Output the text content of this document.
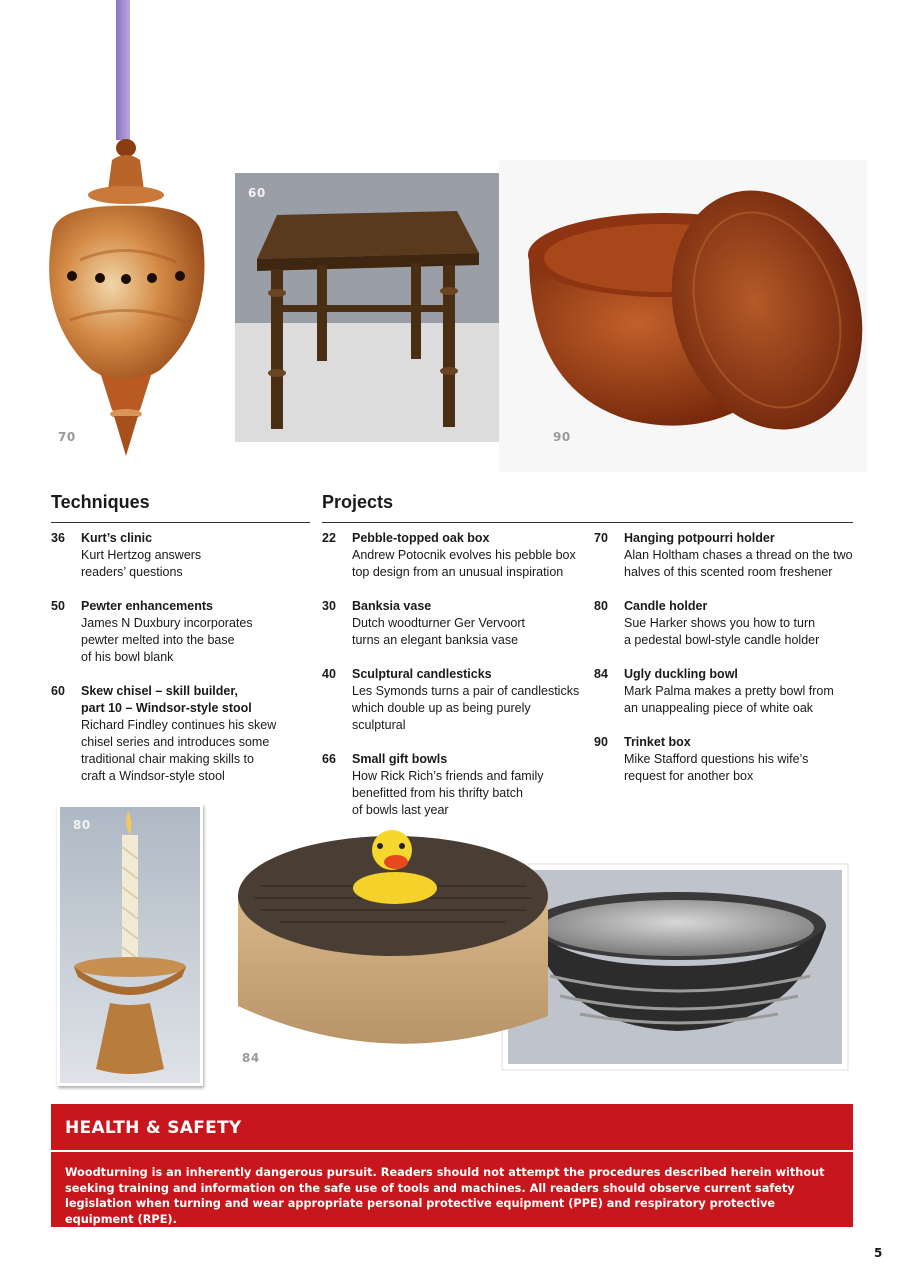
70
60
90
Techniques	Projects
36	Kurt’s clinic
Kurt Hertzog answers
readers’ questions
50	Pewter enhancements
James N Duxbury incorporates
pewter melted into the base
of his bowl blank
60	Skew chisel – skill builder,
part 10 – Windsor-style stool
Richard Findley continues his skew
chisel series and introduces some
traditional chair making skills to
craft a Windsor-style stool
22	Pebble-topped oak box
Andrew Potocnik evolves his pebble box
top design from an unusual inspiration
30	Banksia vase
Dutch woodturner Ger Vervoort
turns an elegant banksia vase
40	Sculptural candlesticks
Les Symonds turns a pair of candlesticks
which double up as being purely sculptural
66	Small gift bowls
How Rick Rich’s friends and family
benefitted from his thrifty batch
of bowls last year
70	Hanging potpourri holder
Alan Holtham chases a thread on the two
halves of this scented room freshener
80	Candle holder
Sue Harker shows you how to turn
a pedestal bowl-style candle holder
84	Ugly duckling bowl
Mark Palma makes a pretty bowl from
an unappealing piece of white oak
90	Trinket box
Mike Stafford questions his wife’s
request for another box
80
84
HEALTH & SAFETY
Woodturning is an inherently dangerous pursuit. Readers should not attempt the procedures described herein without seeking training and information on the safe use of tools and machines. All readers should observe current safety legislation when turning and wear appropriate personal protective equipment (PPE) and respiratory protective equipment (RPE).
5
